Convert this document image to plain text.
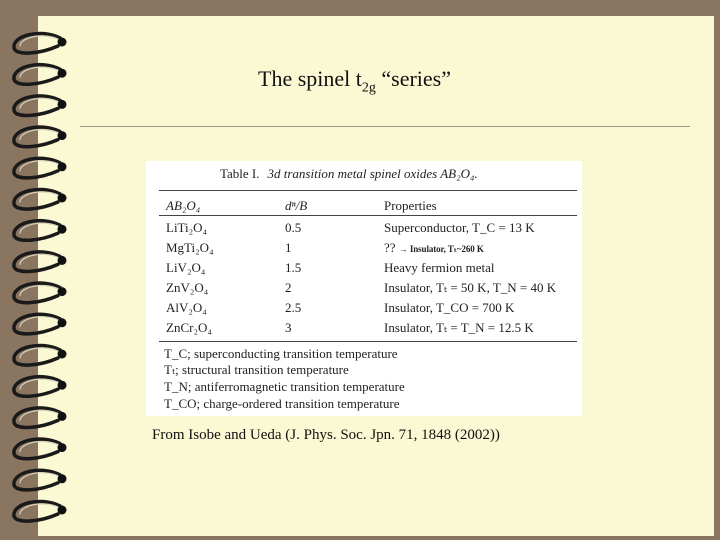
The spinel $t_{2g}$ “series”
Table I. 3d transition metal spinel oxides AB₂O₄.
AB₂O₄	dⁿ/B	Properties
LiTi₂O₄	0.5	Superconductor, T_C = 13 K
MgTi₂O₄	1	?? → Insulator, Tₜ~260 K
LiV₂O₄	1.5	Heavy fermion metal
ZnV₂O₄	2	Insulator, Tₜ = 50 K, T_N = 40 K
AlV₂O₄	2.5	Insulator, T_CO = 700 K
ZnCr₂O₄	3	Insulator, Tₜ = T_N = 12.5 K
T_C; superconducting transition temperature
Tₜ; structural transition temperature
T_N; antiferromagnetic transition temperature
T_CO; charge-ordered transition temperature
From Isobe and Ueda (J. Phys. Soc. Jpn. 71, 1848 (2002))
